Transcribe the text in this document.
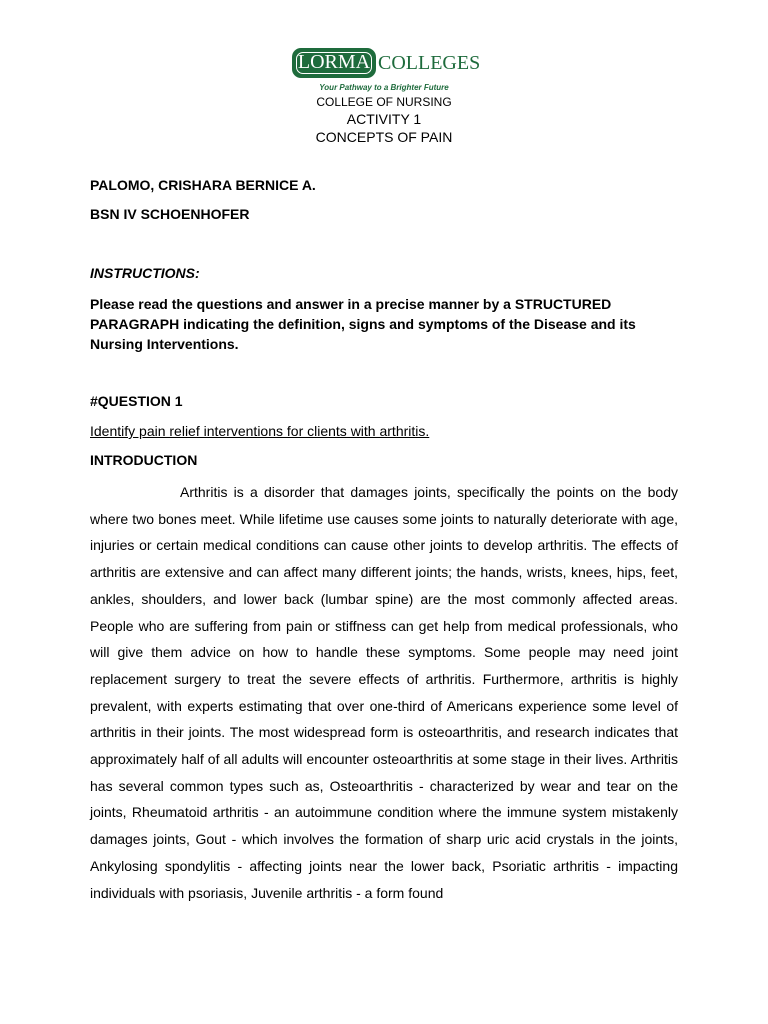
LORMA COLLEGES
Your Pathway to a Brighter Future
COLLEGE OF NURSING
ACTIVITY 1
CONCEPTS OF PAIN
PALOMO, CRISHARA BERNICE A.
BSN IV SCHOENHOFER
INSTRUCTIONS:
Please read the questions and answer in a precise manner by a STRUCTURED PARAGRAPH indicating the definition, signs and symptoms of the Disease and its Nursing Interventions.
#QUESTION 1
Identify pain relief interventions for clients with arthritis.
INTRODUCTION
Arthritis is a disorder that damages joints, specifically the points on the body where two bones meet. While lifetime use causes some joints to naturally deteriorate with age, injuries or certain medical conditions can cause other joints to develop arthritis. The effects of arthritis are extensive and can affect many different joints; the hands, wrists, knees, hips, feet, ankles, shoulders, and lower back (lumbar spine) are the most commonly affected areas. People who are suffering from pain or stiffness can get help from medical professionals, who will give them advice on how to handle these symptoms. Some people may need joint replacement surgery to treat the severe effects of arthritis. Furthermore, arthritis is highly prevalent, with experts estimating that over one-third of Americans experience some level of arthritis in their joints. The most widespread form is osteoarthritis, and research indicates that approximately half of all adults will encounter osteoarthritis at some stage in their lives. Arthritis has several common types such as, Osteoarthritis - characterized by wear and tear on the joints, Rheumatoid arthritis - an autoimmune condition where the immune system mistakenly damages joints, Gout - which involves the formation of sharp uric acid crystals in the joints, Ankylosing spondylitis - affecting joints near the lower back, Psoriatic arthritis - impacting individuals with psoriasis, Juvenile arthritis - a form found
